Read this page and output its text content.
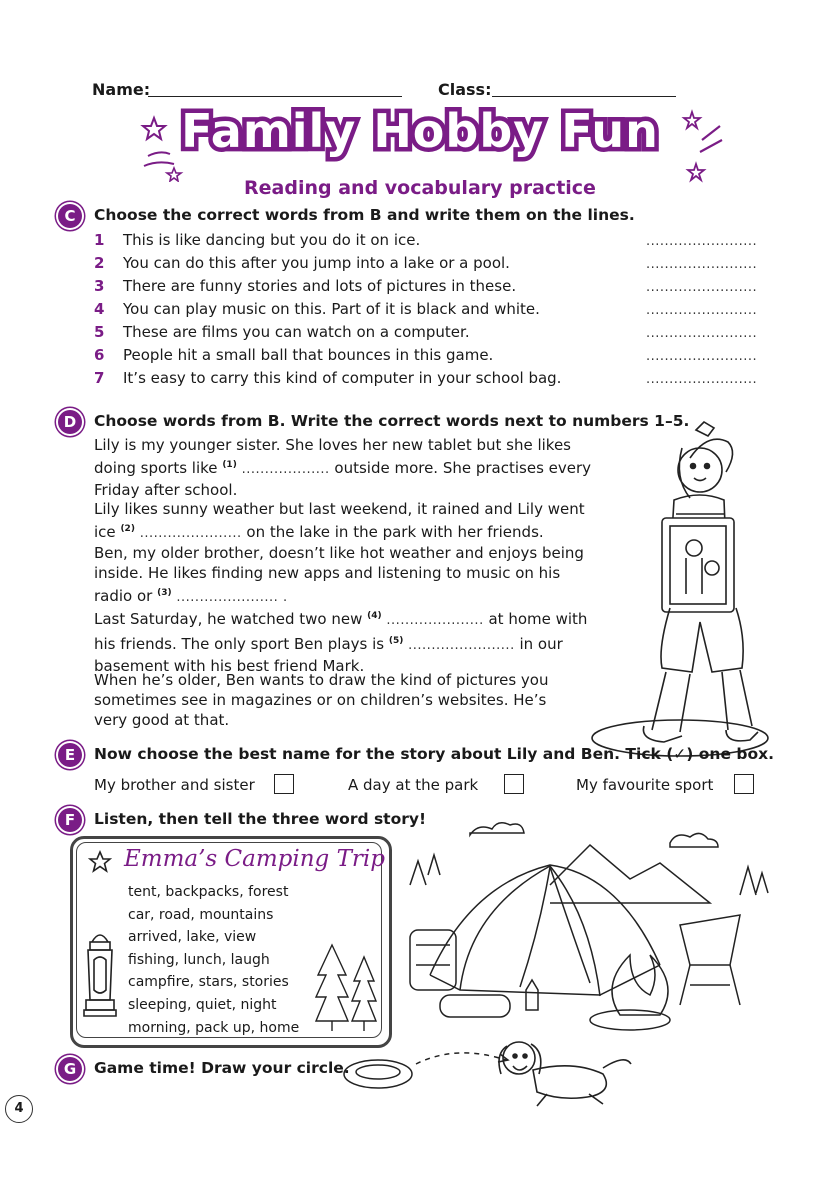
Name:	Class:
Family Hobby Fun
Reading and vocabulary practice
C	Choose the correct words from B and write them on the lines.
1	This is like dancing but you do it on ice.	........................
2	You can do this after you jump into a lake or a pool.	........................
3	There are funny stories and lots of pictures in these.	........................
4	You can play music on this. Part of it is black and white.	........................
5	These are films you can watch on a computer.	........................
6	People hit a small ball that bounces in this game.	........................
7	It’s easy to carry this kind of computer in your school bag.	........................
D	Choose words from B. Write the correct words next to numbers 1–5.
Lily is my younger sister. She loves her new tablet but she likes doing sports like $^{(1)}$ ................... outside more. She practises every Friday after school.
Lily likes sunny weather but last weekend, it rained and Lily went ice $^{(2)}$ ...................... on the lake in the park with her friends.
Ben, my older brother, doesn’t like hot weather and enjoys being inside. He likes finding new apps and listening to music on his radio or $^{(3)}$ ...................... .
Last Saturday, he watched two new $^{(4)}$ ..................... at home with his friends. The only sport Ben plays is $^{(5)}$ ....................... in our basement with his best friend Mark.
When he’s older, Ben wants to draw the kind of pictures you sometimes see in magazines or on children’s websites. He’s very good at that.
E	Now choose the best name for the story about Lily and Ben. Tick (✓) one box.
My brother and sister	A day at the park	My favourite sport
F	Listen, then tell the three word story!
Emma’s Camping Trip
tent, backpacks, forest
car, road, mountains
arrived, lake, view
fishing, lunch, laugh
campfire, stars, stories
sleeping, quiet, night
morning, pack up, home
G	Game time! Draw your circle.
4
